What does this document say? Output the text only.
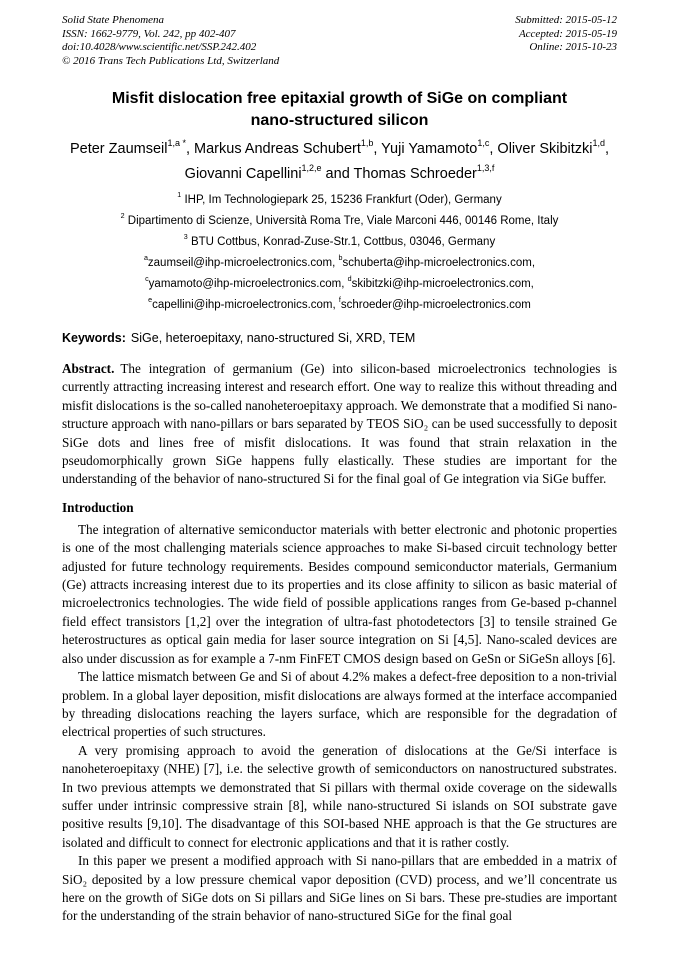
Solid State Phenomena
ISSN: 1662-9779, Vol. 242, pp 402-407
doi:10.4028/www.scientific.net/SSP.242.402
© 2016 Trans Tech Publications Ltd, Switzerland
Submitted: 2015-05-12
Accepted: 2015-05-19
Online: 2015-10-23
Misfit dislocation free epitaxial growth of SiGe on compliant nano-structured silicon
Peter Zaumseil$^{1,a *}$, Markus Andreas Schubert$^{1,b}$, Yuji Yamamoto$^{1,c}$, Oliver Skibitzki$^{1,d}$, Giovanni Capellini$^{1,2,e}$ and Thomas Schroeder$^{1,3,f}$
$^1$ IHP, Im Technologiepark 25, 15236 Frankfurt (Oder), Germany
$^2$ Dipartimento di Scienze, Università Roma Tre, Viale Marconi 446, 00146 Rome, Italy
$^3$ BTU Cottbus, Konrad-Zuse-Str.1, Cottbus, 03046, Germany
$^a$zaumseil@ihp-microelectronics.com, $^b$schuberta@ihp-microelectronics.com,
$^c$yamamoto@ihp-microelectronics.com, $^d$skibitzki@ihp-microelectronics.com,
$^e$capellini@ihp-microelectronics.com, $^f$schroeder@ihp-microelectronics.com

Keywords: SiGe, heteroepitaxy, nano-structured Si, XRD, TEM

Abstract. The integration of germanium (Ge) into silicon-based microelectronics technologies is currently attracting increasing interest and research effort. One way to realize this without threading and misfit dislocations is the so-called nanoheteroepitaxy approach. We demonstrate that a modified Si nano-structure approach with nano-pillars or bars separated by TEOS SiO₂ can be used successfully to deposit SiGe dots and lines free of misfit dislocations. It was found that strain relaxation in the pseudomorphically grown SiGe happens fully elastically. These studies are important for the understanding of the behavior of nano-structured Si for the final goal of Ge integration via SiGe buffer.

Introduction

The integration of alternative semiconductor materials with better electronic and photonic properties is one of the most challenging materials science approaches to make Si-based circuit technology better adjusted for future technology requirements. Besides compound semiconductor materials, Germanium (Ge) attracts increasing interest due to its properties and its close affinity to silicon as basic material of microelectronics technologies. The wide field of possible applications ranges from Ge-based p-channel field effect transistors [1,2] over the integration of ultra-fast photodetectors [3] to tensile strained Ge heterostructures as optical gain media for laser source integration on Si [4,5]. Nano-scaled devices are also under discussion as for example a 7-nm FinFET CMOS design based on GeSn or SiGeSn alloys [6].

The lattice mismatch between Ge and Si of about 4.2% makes a defect-free deposition to a non-trivial problem. In a global layer deposition, misfit dislocations are always formed at the interface accompanied by threading dislocations reaching the layers surface, which are responsible for the degradation of electrical properties of such structures.

A very promising approach to avoid the generation of dislocations at the Ge/Si interface is nanoheteroepitaxy (NHE) [7], i.e. the selective growth of semiconductors on nanostructured substrates. In two previous attempts we demonstrated that Si pillars with thermal oxide coverage on the sidewalls suffer under intrinsic compressive strain [8], while nano-structured Si islands on SOI substrate gave positive results [9,10]. The disadvantage of this SOI-based NHE approach is that the Ge structures are isolated and difficult to connect for electronic applications and that it is rather costly.

In this paper we present a modified approach with Si nano-pillars that are embedded in a matrix of SiO₂ deposited by a low pressure chemical vapor deposition (CVD) process, and we’ll concentrate us here on the growth of SiGe dots on Si pillars and SiGe lines on Si bars. These pre-studies are important for the understanding of the strain behavior of nano-structured SiGe for the final goal
